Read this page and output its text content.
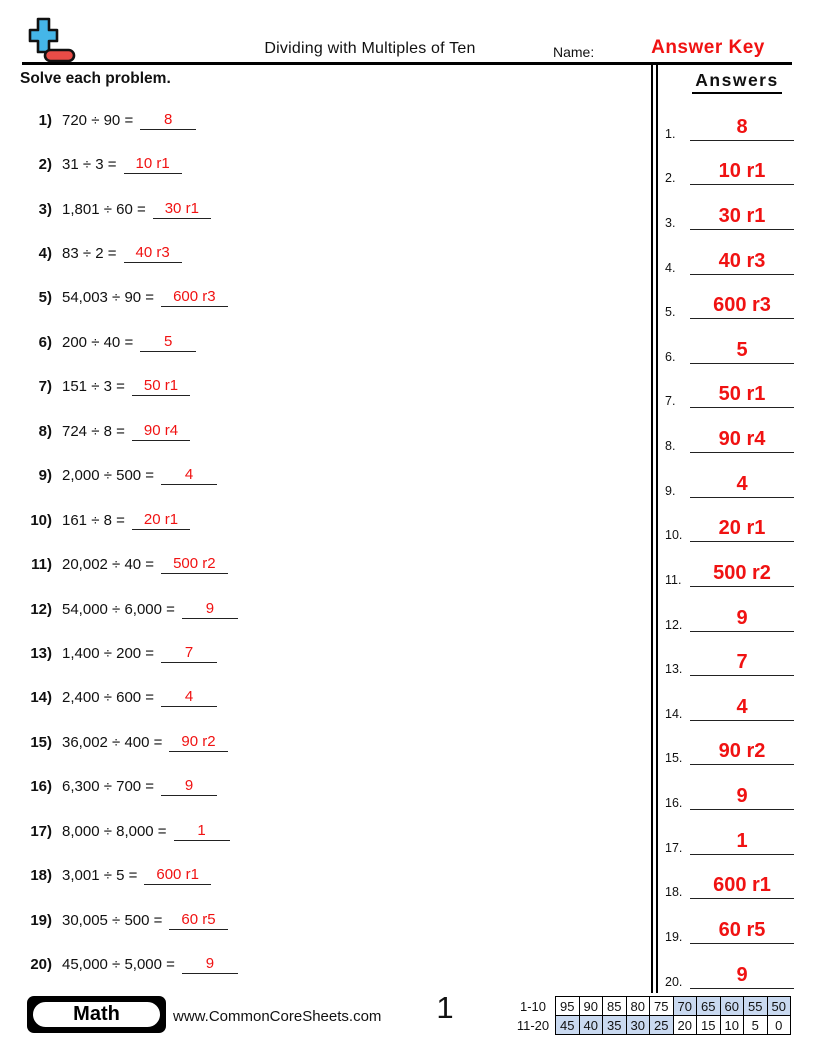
Dividing with Multiples of Ten	Name:	Answer Key
Solve each problem.
1) 720 ÷ 90 =	8
2) 31 ÷ 3 =	10 r1
3) 1,801 ÷ 60 =	30 r1
4) 83 ÷ 2 =	40 r3
5) 54,003 ÷ 90 =	600 r3
6) 200 ÷ 40 =	5
7) 151 ÷ 3 =	50 r1
8) 724 ÷ 8 =	90 r4
9) 2,000 ÷ 500 =	4
10) 161 ÷ 8 =	20 r1
11) 20,002 ÷ 40 =	500 r2
12) 54,000 ÷ 6,000 =	9
13) 1,400 ÷ 200 =	7
14) 2,400 ÷ 600 =	4
15) 36,002 ÷ 400 =	90 r2
16) 6,300 ÷ 700 =	9
17) 8,000 ÷ 8,000 =	1
18) 3,001 ÷ 5 =	600 r1
19) 30,005 ÷ 500 =	60 r5
20) 45,000 ÷ 5,000 =	9
Answers
1.	8
2.	10 r1
3.	30 r1
4.	40 r3
5.	600 r3
6.	5
7.	50 r1
8.	90 r4
9.	4
10.	20 r1
11.	500 r2
12.	9
13.	7
14.	4
15.	90 r2
16.	9
17.	1
18.	600 r1
19.	60 r5
20.	9
Math	www.CommonCoreSheets.com	1	1-10	95	90	85	80	75	70	65	60	55	50
11-20	45	40	35	30	25	20	15	10	5	0
